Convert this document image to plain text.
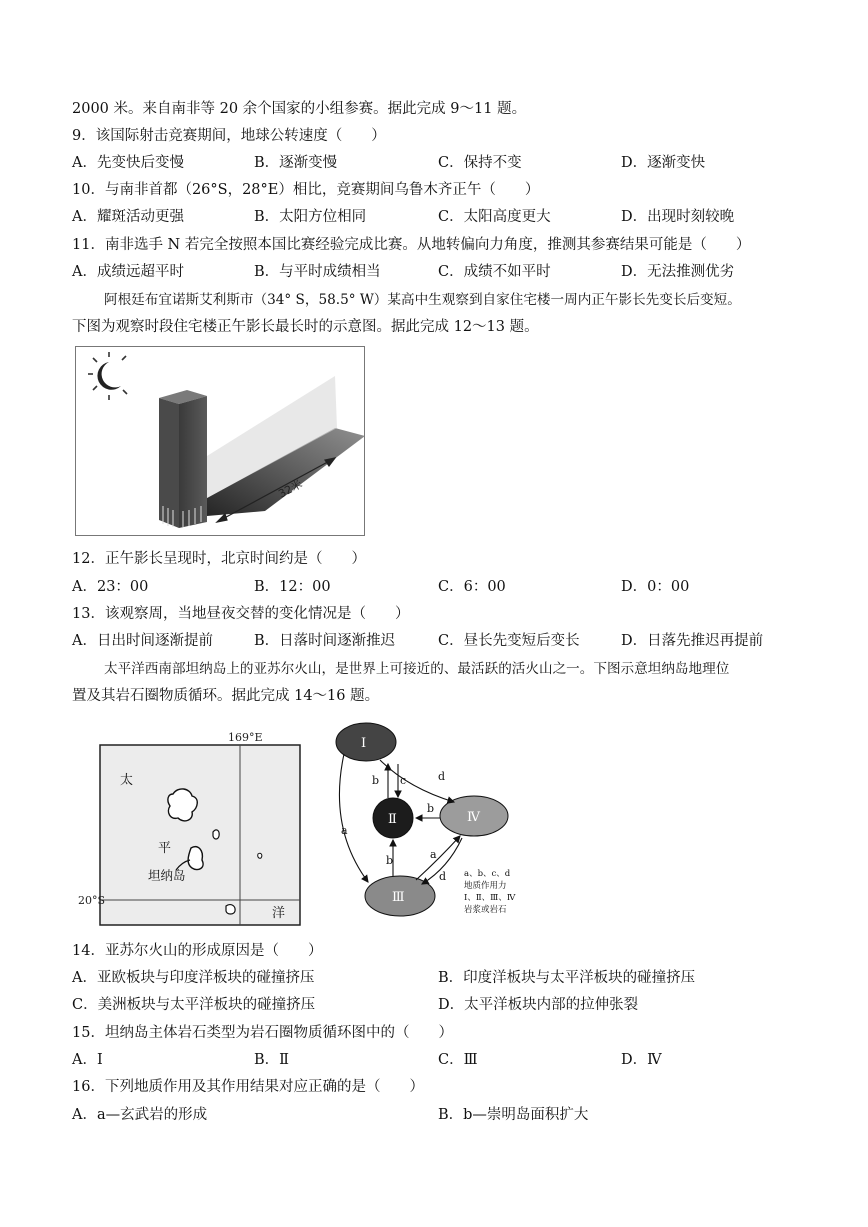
2000 米。来自南非等 20 余个国家的小组参赛。据此完成 9～11 题。
9．该国际射击竞赛期间，地球公转速度（　　）
A．先变快后变慢	B．逐渐变慢	C．保持不变	D．逐渐变快
10．与南非首都（26°S，28°E）相比，竞赛期间乌鲁木齐正午（　　）
A．耀斑活动更强	B．太阳方位相同	C．太阳高度更大	D．出现时刻较晚
11．南非选手 N 若完全按照本国比赛经验完成比赛。从地转偏向力角度，推测其参赛结果可能是（　　）
A．成绩远超平时	B．与平时成绩相当	C．成绩不如平时	D．无法推测优劣
阿根廷布宜诺斯艾利斯市（34° S，58.5° W）某高中生观察到自家住宅楼一周内正午影长先变长后变短。
下图为观察时段住宅楼正午影长最长时的示意图。据此完成 12～13 题。
32米
12．正午影长呈现时，北京时间约是（　　）
A．23：00	B．12：00	C．6：00	D．0：00
13．该观察周，当地昼夜交替的变化情况是（　　）
A．日出时间逐渐提前	B．日落时间逐渐推迟	C．昼长先变短后变长	D．日落先推迟再提前
太平洋西南部坦纳岛上的亚苏尔火山，是世界上可接近的、最活跃的活火山之一。下图示意坦纳岛地理位
置及其岩石圈物质循环。据此完成 14～16 题。
169°E
20°S
太
平
洋
坦纳岛
Ⅰ
Ⅱ	Ⅳ
Ⅲ
a
b c	d
b
b	a
d a、b、c、d
地质作用力
Ⅰ、Ⅱ、Ⅲ、Ⅳ
岩浆或岩石
14．亚苏尔火山的形成原因是（　　）
A．亚欧板块与印度洋板块的碰撞挤压	B．印度洋板块与太平洋板块的碰撞挤压
C．美洲板块与太平洋板块的碰撞挤压	D．太平洋板块内部的拉伸张裂
15．坦纳岛主体岩石类型为岩石圈物质循环图中的（　　）
A．Ⅰ	B．Ⅱ	C．Ⅲ	D．Ⅳ
16．下列地质作用及其作用结果对应正确的是（　　）
A．a—玄武岩的形成	B．b—崇明岛面积扩大
